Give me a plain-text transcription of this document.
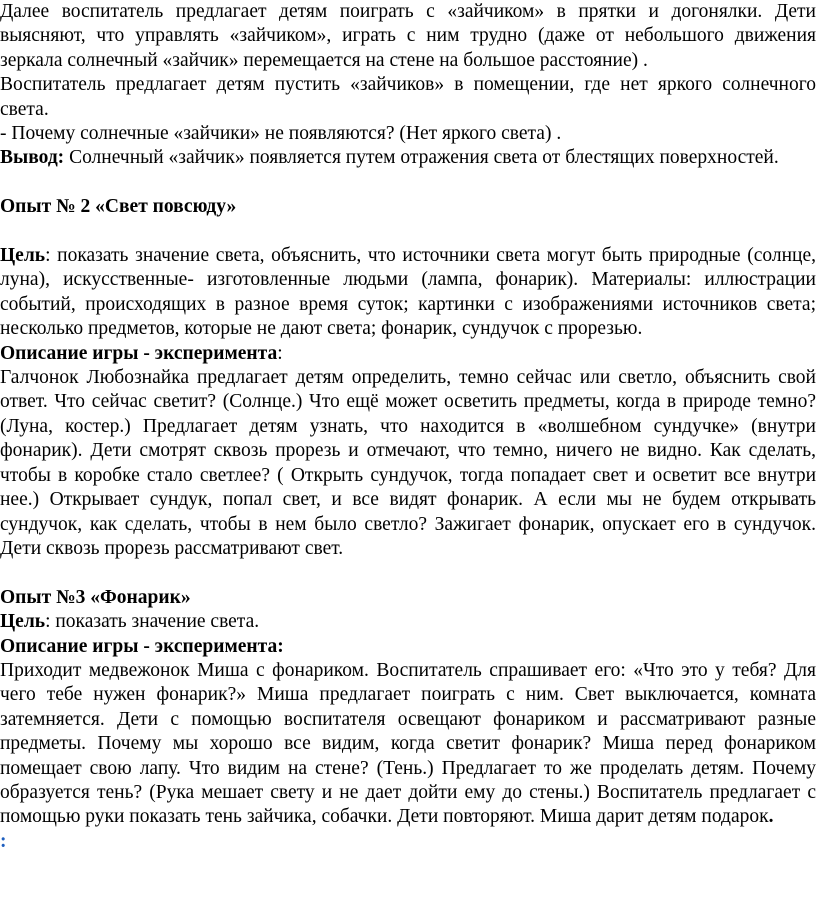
Далее воспитатель предлагает детям поиграть с «зайчиком» в прятки и догонялки. Дети выясняют, что управлять «зайчиком», играть с ним трудно (даже от небольшого движения зеркала солнечный «зайчик» перемещается на стене на большое расстояние) .

Воспитатель предлагает детям пустить «зайчиков» в помещении, где нет яркого солнечного света.

- Почему солнечные «зайчики» не появляются? (Нет яркого света) .

Вывод: Солнечный «зайчик» появляется путем отражения света от блестящих поверхностей.

Опыт № 2 «Свет повсюду»

Цель: показать значение света, объяснить, что источники света могут быть природные (солнце, луна), искусственные- изготовленные людьми (лампа, фонарик). Материалы: иллюстрации событий, происходящих в разное время суток; картинки с изображениями источников света; несколько предметов, которые не дают света; фонарик, сундучок с прорезью.

Описание игры - эксперимента:

Галчонок Любознайка предлагает детям определить, темно сейчас или светло, объяснить свой ответ. Что сейчас светит? (Солнце.) Что ещё может осветить предметы, когда в природе темно? (Луна, костер.) Предлагает детям узнать, что находится в «волшебном сундучке» (внутри фонарик). Дети смотрят сквозь прорезь и отмечают, что темно, ничего не видно. Как сделать, чтобы в коробке стало светлее? ( Открыть сундучок, тогда попадает свет и осветит все внутри нее.) Открывает сундук, попал свет, и все видят фонарик. А если мы не будем открывать сундучок, как сделать, чтобы в нем было светло? Зажигает фонарик, опускает его в сундучок. Дети сквозь прорезь рассматривают свет.

Опыт №3 «Фонарик»

Цель: показать значение света.

Описание игры - эксперимента:

Приходит медвежонок Миша с фонариком. Воспитатель спрашивает его: «Что это у тебя? Для чего тебе нужен фонарик?» Миша предлагает поиграть с ним. Свет выключается, комната затемняется. Дети с помощью воспитателя освещают фонариком и рассматривают разные предметы. Почему мы хорошо все видим, когда светит фонарик? Миша перед фонариком помещает свою лапу. Что видим на стене? (Тень.) Предлагает то же проделать детям. Почему образуется тень? (Рука мешает свету и не дает дойти ему до стены.) Воспитатель предлагает с помощью руки показать тень зайчика, собачки. Дети повторяют. Миша дарит детям подарок.

:
